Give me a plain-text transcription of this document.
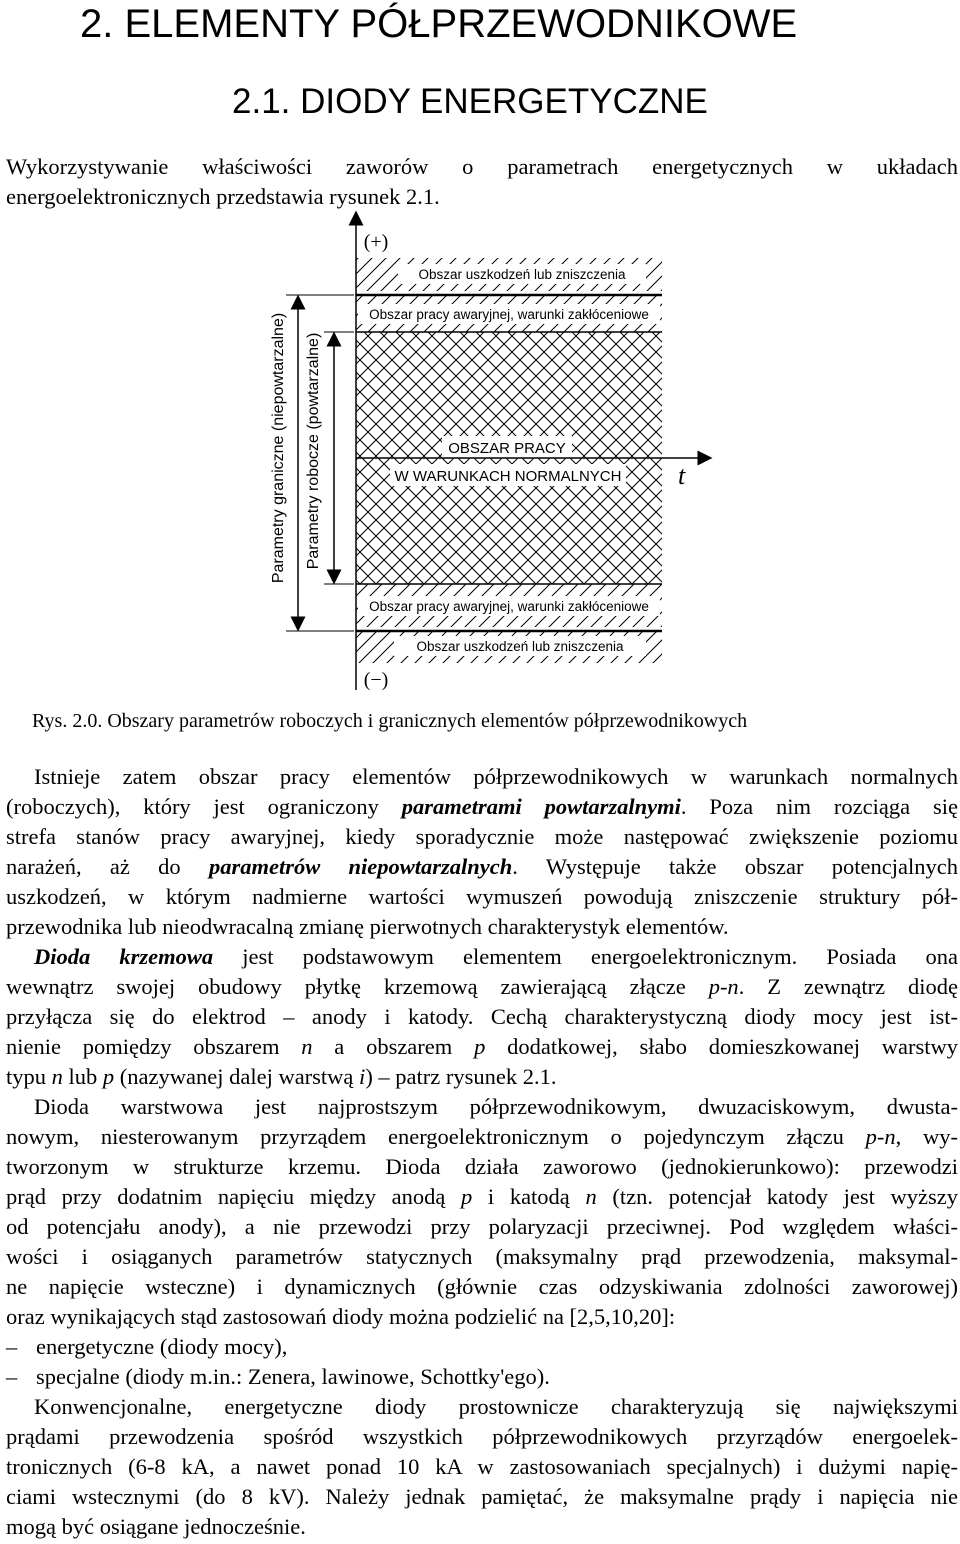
2. ELEMENTY PÓŁPRZEWODNIKOWE
2.1. DIODY ENERGETYCZNE
Wykorzystywanie właściwości zaworów o parametrach energetycznych w układach
energoelektronicznych przedstawia rysunek 2.1.
(+)
(−)
t
Obszar uszkodzeń lub zniszczenia
Obszar pracy awaryjnej, warunki zakłóceniowe
OBSZAR PRACY
W WARUNKACH NORMALNYCH
Obszar pracy awaryjnej, warunki zakłóceniowe
Obszar uszkodzeń lub zniszczenia
Parametry graniczne (niepowtarzalne) Parametry robocze (powtarzalne)
Rys. 2.0. Obszary parametrów roboczych i granicznych elementów półprzewodnikowych
Istnieje zatem obszar pracy elementów półprzewodnikowych w warunkach normalnych
(roboczych), który jest ograniczony parametrami powtarzalnymi. Poza nim rozciąga się
strefa stanów pracy awaryjnej, kiedy sporadycznie może następować zwiększenie poziomu
narażeń, aż do parametrów niepowtarzalnych. Występuje także obszar potencjalnych
uszkodzeń, w którym nadmierne wartości wymuszeń powodują zniszczenie struktury pół-
przewodnika lub nieodwracalną zmianę pierwotnych charakterystyk elementów.
Dioda krzemowa jest podstawowym elementem energoelektronicznym. Posiada ona
wewnątrz swojej obudowy płytkę krzemową zawierającą złącze p-n. Z zewnątrz diodę
przyłącza się do elektrod – anody i katody. Cechą charakterystyczną diody mocy jest ist-
nienie pomiędzy obszarem n a obszarem p dodatkowej, słabo domieszkowanej warstwy
typu n lub p (nazywanej dalej warstwą i) – patrz rysunek 2.1.
Dioda warstwowa jest najprostszym półprzewodnikowym, dwuzaciskowym, dwusta-
nowym, niesterowanym przyrządem energoelektronicznym o pojedynczym złączu p-n, wy-
tworzonym w strukturze krzemu. Dioda działa zaworowo (jednokierunkowo): przewodzi
prąd przy dodatnim napięciu między anodą p i katodą n (tzn. potencjał katody jest wyższy
od potencjału anody), a nie przewodzi przy polaryzacji przeciwnej. Pod względem właści-
wości i osiąganych parametrów statycznych (maksymalny prąd przewodzenia, maksymal-
ne napięcie wsteczne) i dynamicznych (głównie czas odzyskiwania zdolności zaworowej)
oraz wynikających stąd zastosowań diody można podzielić na [2,5,10,20]:
– energetyczne (diody mocy),
– specjalne (diody m.in.: Zenera, lawinowe, Schottky'ego).
Konwencjonalne, energetyczne diody prostownicze charakteryzują się największymi
prądami przewodzenia spośród wszystkich półprzewodnikowych przyrządów energoelek-
tronicznych (6-8 kA, a nawet ponad 10 kA w zastosowaniach specjalnych) i dużymi napię-
ciami wstecznymi (do 8 kV). Należy jednak pamiętać, że maksymalne prądy i napięcia nie
mogą być osiągane jednocześnie.
